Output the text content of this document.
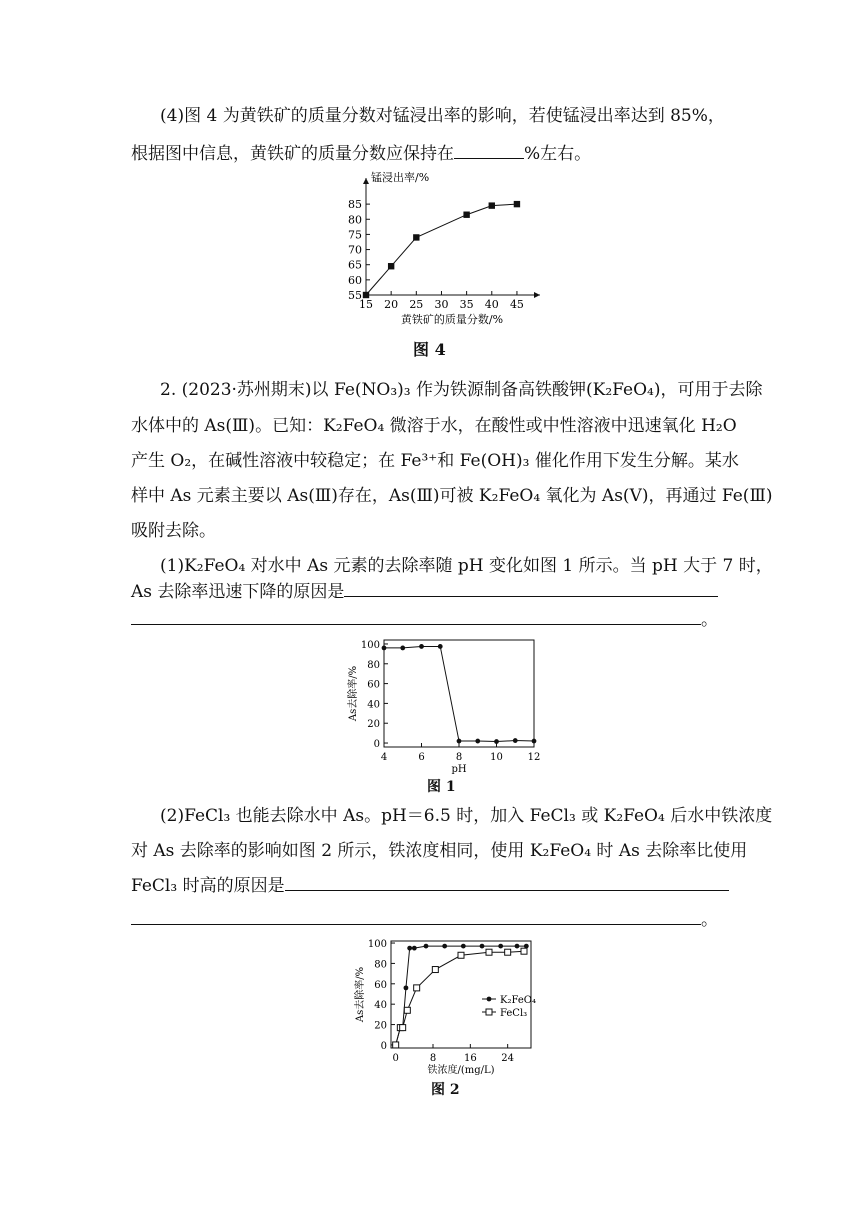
(4)图 4 为黄铁矿的质量分数对锰浸出率的影响，若使锰浸出率达到 85%，
根据图中信息，黄铁矿的质量分数应保持在	%左右。
15 20 25 30 35 40 45
55
60
65
70
75
80
85
锰浸出率/%
黄铁矿的质量分数/%
4	6	8	10 12
0
20
40
60
80
100
As去除率/%
pH
0	8	16 24
0
20
40
60
80
100
As去除率/%
铁浓度/(mg/L)
K₂FeO₄
FeCl₃
图 4
2. (2023·苏州期末)以 Fe(NO₃)₃ 作为铁源制备高铁酸钾(K₂FeO₄)，可用于去除
水体中的 As(Ⅲ)。已知：K₂FeO₄ 微溶于水，在酸性或中性溶液中迅速氧化 H₂O
产生 O₂，在碱性溶液中较稳定；在 Fe³⁺和 Fe(OH)₃ 催化作用下发生分解。某水
样中 As 元素主要以 As(Ⅲ)存在，As(Ⅲ)可被 K₂FeO₄ 氧化为 As(Ⅴ)，再通过 Fe(Ⅲ)
吸附去除。
(1)K₂FeO₄ 对水中 As 元素的去除率随 pH 变化如图 1 所示。当 pH 大于 7 时，
As 去除率迅速下降的原因是
。
图 1
(2)FeCl₃ 也能去除水中 As。pH＝6.5 时，加入 FeCl₃ 或 K₂FeO₄ 后水中铁浓度
对 As 去除率的影响如图 2 所示，铁浓度相同，使用 K₂FeO₄ 时 As 去除率比使用
FeCl₃ 时高的原因是
。
图 2
